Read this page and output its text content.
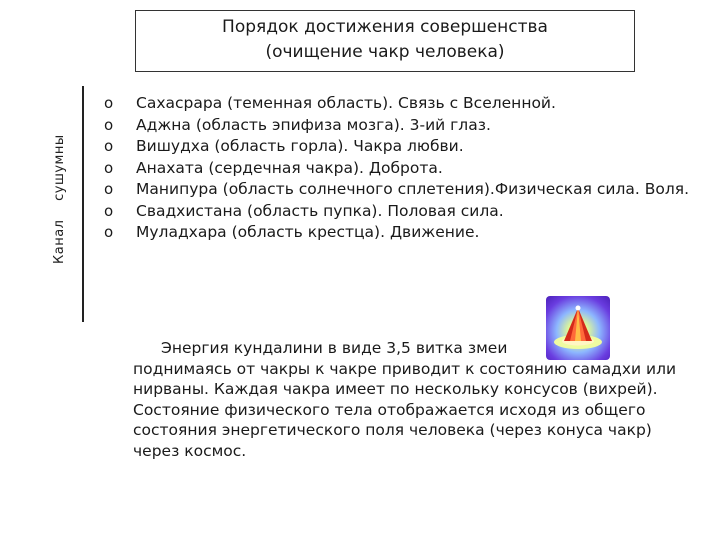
Порядок достижения совершенства
(очищение чакр человека)
Канал сушумны
o Сахасрара (теменная область). Связь с Вселенной.
o Аджна (область эпифиза мозга). 3-ий глаз.
o Вишудха (область горла). Чакра любви.
o Анахата (сердечная чакра). Доброта.
o Манипура (область солнечного сплетения).Физическая сила. Воля.
o Свадхистана (область пупка). Половая сила.
o Муладхара (область крестца). Движение.

Энергия кундалини в виде 3,5 витка змеи
поднимаясь от чакры к чакре приводит к состоянию самадхи или нирваны. Каждая чакра имеет по нескольку консусов (вихрей). Состояние физического тела отображается исходя из общего состояния энергетического поля человека (через конуса чакр) через космос.
